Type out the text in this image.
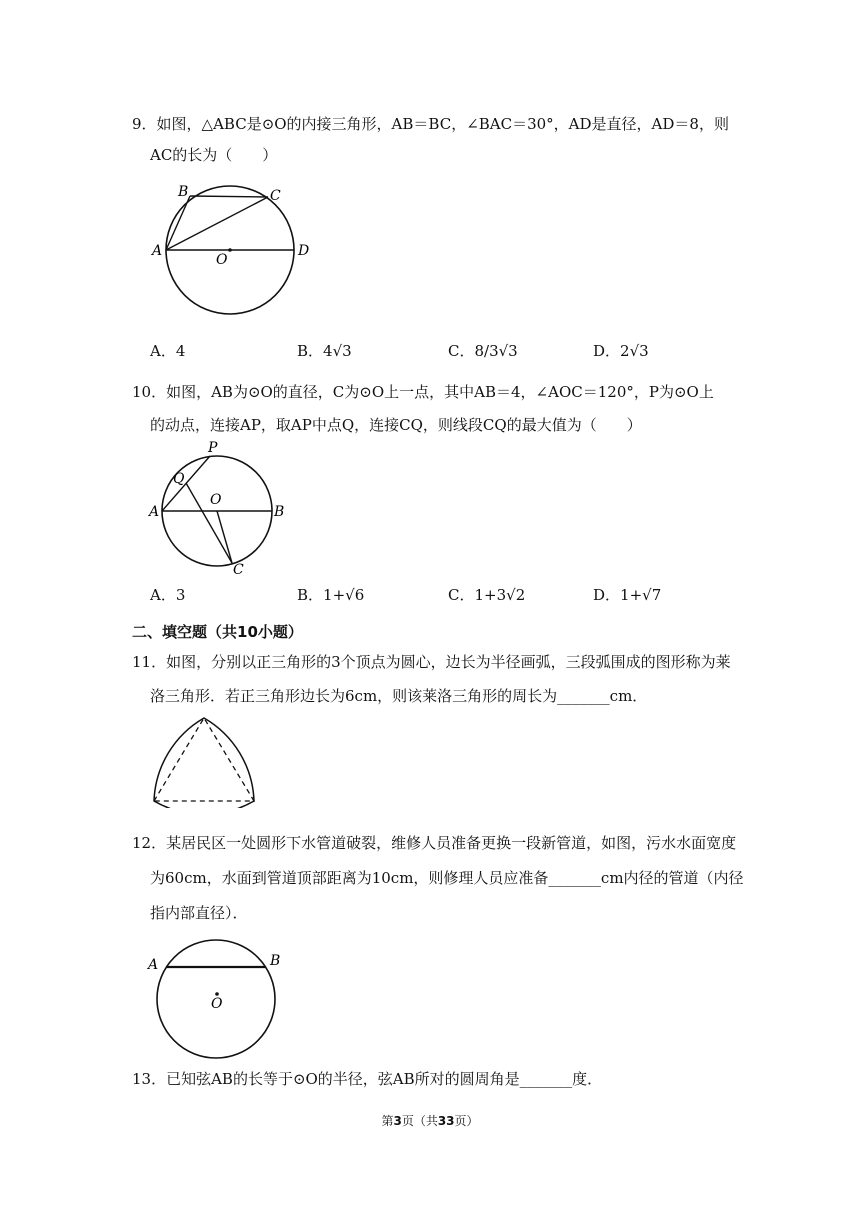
9．如图，△ABC是⊙O的内接三角形，AB＝BC，∠BAC＝30°，AD是直径，AD＝8，则
AC的长为（　　）
B	C
A	D
O
A．4	B．4√3	C．8/3√3	D．2√3
10．如图，AB为⊙O的直径，C为⊙O上一点，其中AB＝4，∠AOC＝120°，P为⊙O上
的动点，连接AP，取AP中点Q，连接CQ，则线段CQ的最大值为（　　）
P
Q
O
A	B
C
A．3	B．1+√6	C．1+3√2	D．1+√7
二、填空题（共10小题）
11．如图，分别以正三角形的3个顶点为圆心，边长为半径画弧，三段弧围成的图形称为莱
洛三角形．若正三角形边长为6cm，则该莱洛三角形的周长为_______cm．
12．某居民区一处圆形下水管道破裂，维修人员准备更换一段新管道，如图，污水水面宽度
为60cm，水面到管道顶部距离为10cm，则修理人员应准备_______cm内径的管道（内径
指内部直径）．
A	B
O
13．已知弦AB的长等于⊙O的半径，弦AB所对的圆周角是_______度．
第3页（共33页）
